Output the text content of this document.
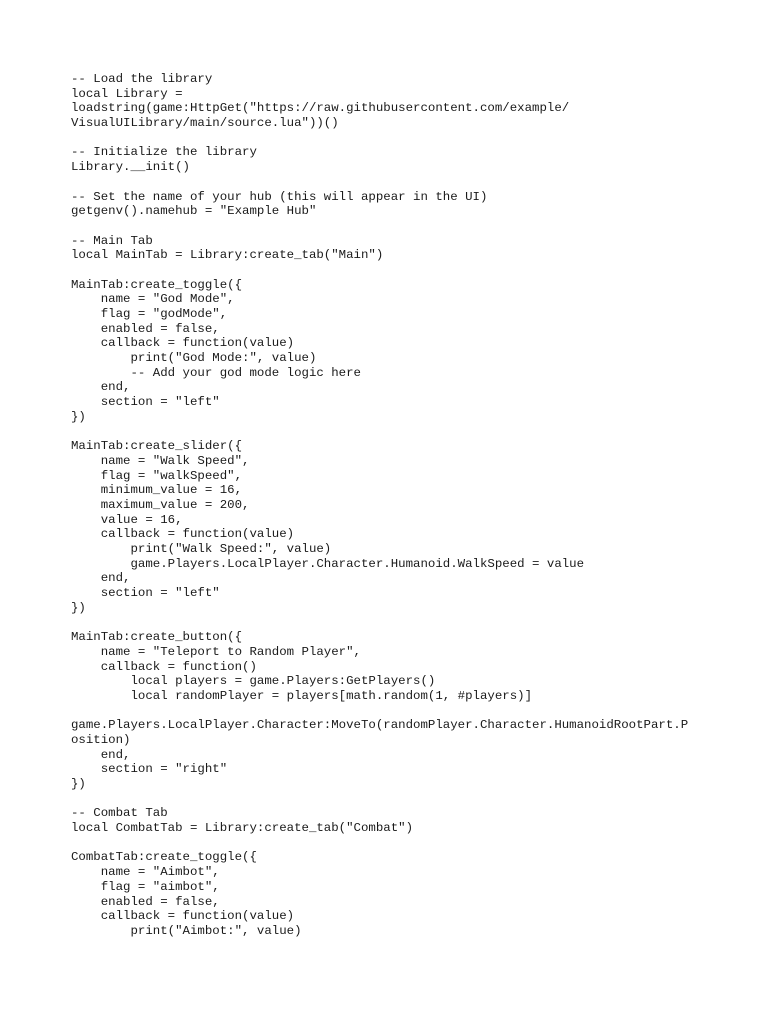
-- Load the library
local Library =
loadstring(game:HttpGet("https://raw.githubusercontent.com/example/
VisualUILibrary/main/source.lua"))()
-- Initialize the library
Library.__init()
-- Set the name of your hub (this will appear in the UI)
getgenv().namehub = "Example Hub"
-- Main Tab
local MainTab = Library:create_tab("Main")
MainTab:create_toggle({
name = "God Mode",
flag = "godMode",
enabled = false,
callback = function(value)
print("God Mode:", value)
-- Add your god mode logic here
end,
section = "left"
})
MainTab:create_slider({
name = "Walk Speed",
flag = "walkSpeed",
minimum_value = 16,
maximum_value = 200,
value = 16,
callback = function(value)
print("Walk Speed:", value)
game.Players.LocalPlayer.Character.Humanoid.WalkSpeed = value
end,
section = "left"
})
MainTab:create_button({
name = "Teleport to Random Player",
callback = function()
local players = game.Players:GetPlayers()
local randomPlayer = players[math.random(1, #players)]
game.Players.LocalPlayer.Character:MoveTo(randomPlayer.Character.HumanoidRootPart.P
osition)
end,
section = "right"
})
-- Combat Tab
local CombatTab = Library:create_tab("Combat")
CombatTab:create_toggle({
name = "Aimbot",
flag = "aimbot",
enabled = false,
callback = function(value)
print("Aimbot:", value)
